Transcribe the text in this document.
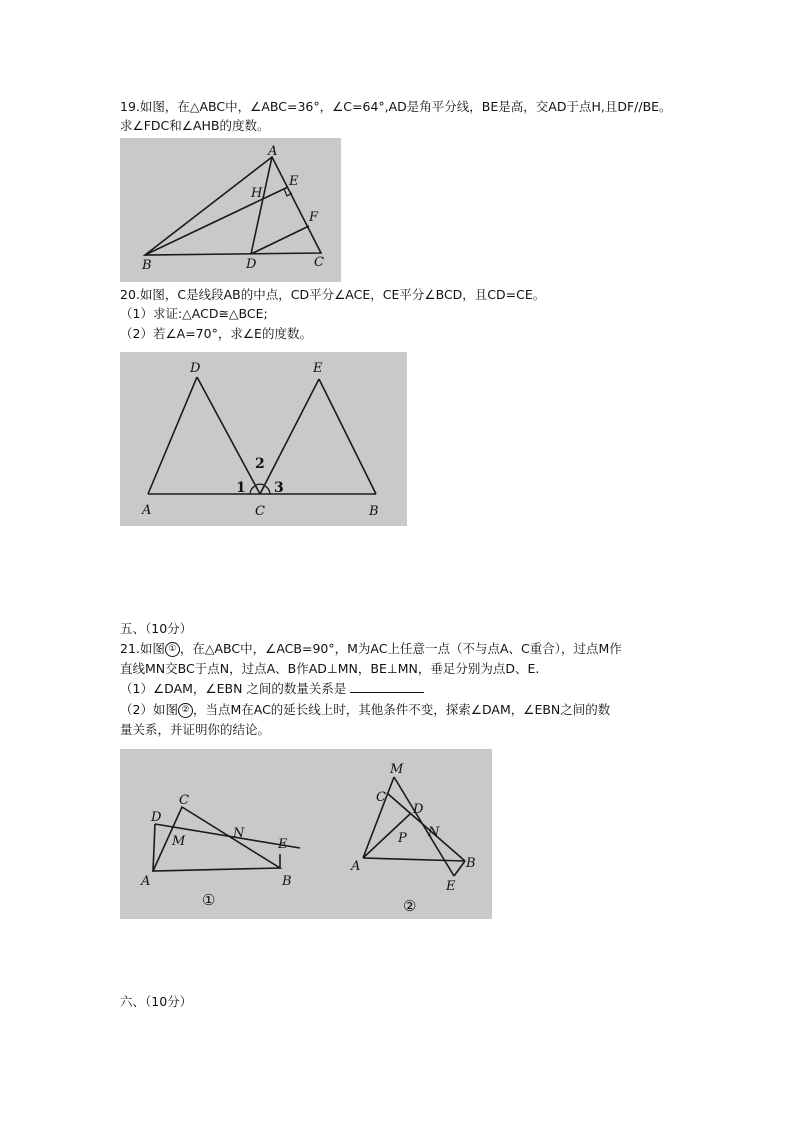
19.如图，在△ABC中，∠ABC=36°，∠C=64°,AD是角平分线，BE是高，交AD于点H,且DF//BE。
求∠FDC和∠AHB的度数。
A
B	C
D
E
F
H
20.如图，C是线段AB的中点，CD平分∠ACE，CE平分∠BCD，且CD=CE。
（1）求证:△ACD≅△BCE;
（2）若∠A=70°，求∠E的度数。
D	E
A	C	B
1
2
3
五、（10分）
21.如图 ① ，在△ABC中，∠ACB=90°，M为AC上任意一点（不与点A、C重合），过点M作
直线MN交BC于点N，过点A、B作AD⊥MN，BE⊥MN，垂足分别为点D、E.
（1）∠DAM，∠EBN 之间的数量关系是
（2）如图 ② ，当点M在AC的延长线上时，其他条件不变，探索∠DAM，∠EBN之间的数
量关系，并证明你的结论。
C
D
M
N
E
A	B
①
M
C
D
P N
A	B
E
②
六、（10分）
